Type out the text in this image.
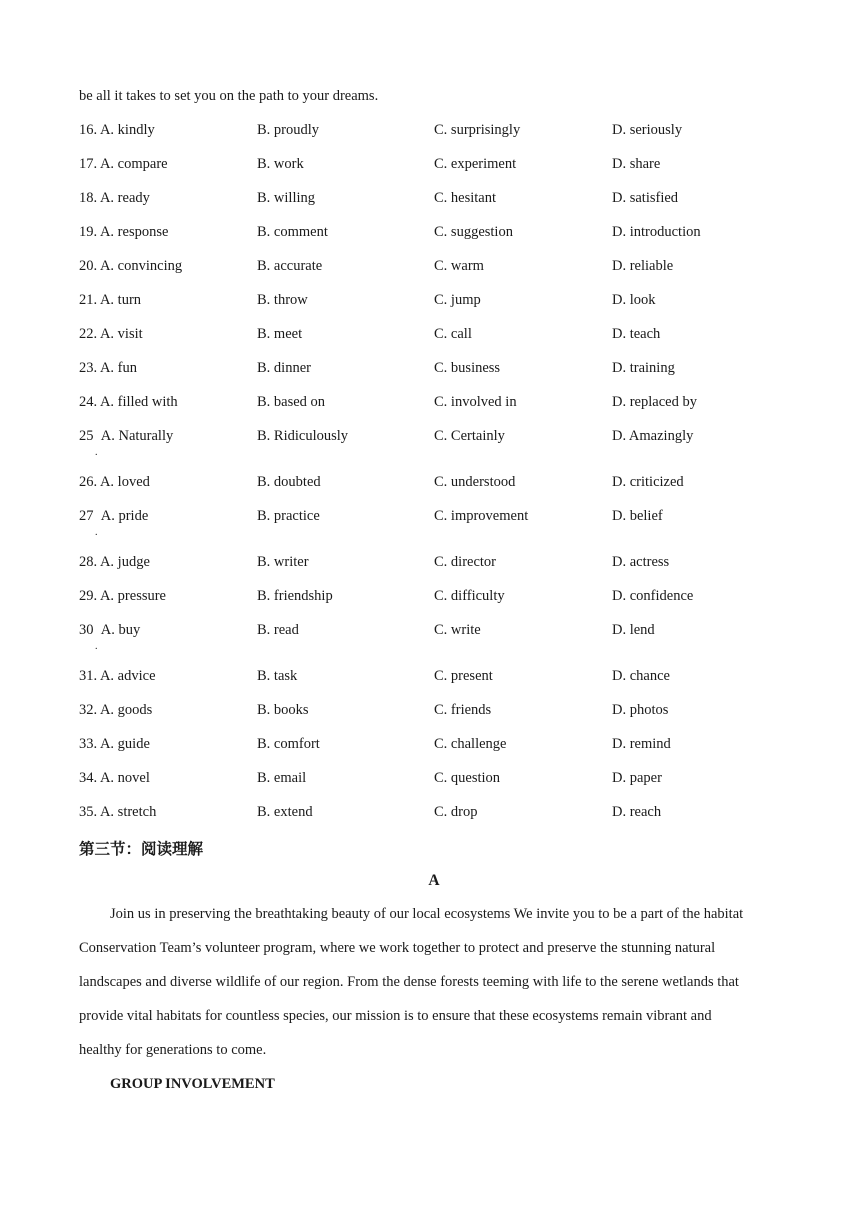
be all it takes to set you on the path to your dreams.
16. A. kindly	B. proudly	C. surprisingly	D. seriously
17. A. compare	B. work	C. experiment	D. share
18. A. ready	B. willing	C. hesitant	D. satisfied
19. A. response	B. comment	C. suggestion	D. introduction
20. A. convincing	B. accurate	C. warm	D. reliable
21. A. turn	B. throw	C. jump	D. look
22. A. visit	B. meet	C. call	D. teach
23. A. fun	B. dinner	C. business	D. training
24. A. filled with	B. based on	C. involved in	D. replaced by
25 A. Naturally	B. Ridiculously	C. Certainly	D. Amazingly
.
26. A. loved	B. doubted	C. understood	D. criticized
27 A. pride	B. practice	C. improvement	D. belief
.
28. A. judge	B. writer	C. director	D. actress
29. A. pressure	B. friendship	C. difficulty	D. confidence
30 A. buy	B. read	C. write	D. lend
.
31. A. advice	B. task	C. present	D. chance
32. A. goods	B. books	C. friends	D. photos
33. A. guide	B. comfort	C. challenge	D. remind
34. A. novel	B. email	C. question	D. paper
35. A. stretch	B. extend	C. drop	D. reach
第三节：阅读理解
A
Join us in preserving the breathtaking beauty of our local ecosystems We invite you to be a part of the habitat
Conservation Team’s volunteer program, where we work together to protect and preserve the stunning natural
landscapes and diverse wildlife of our region. From the dense forests teeming with life to the serene wetlands that
provide vital habitats for countless species, our mission is to ensure that these ecosystems remain vibrant and
healthy for generations to come.
GROUP INVOLVEMENT
